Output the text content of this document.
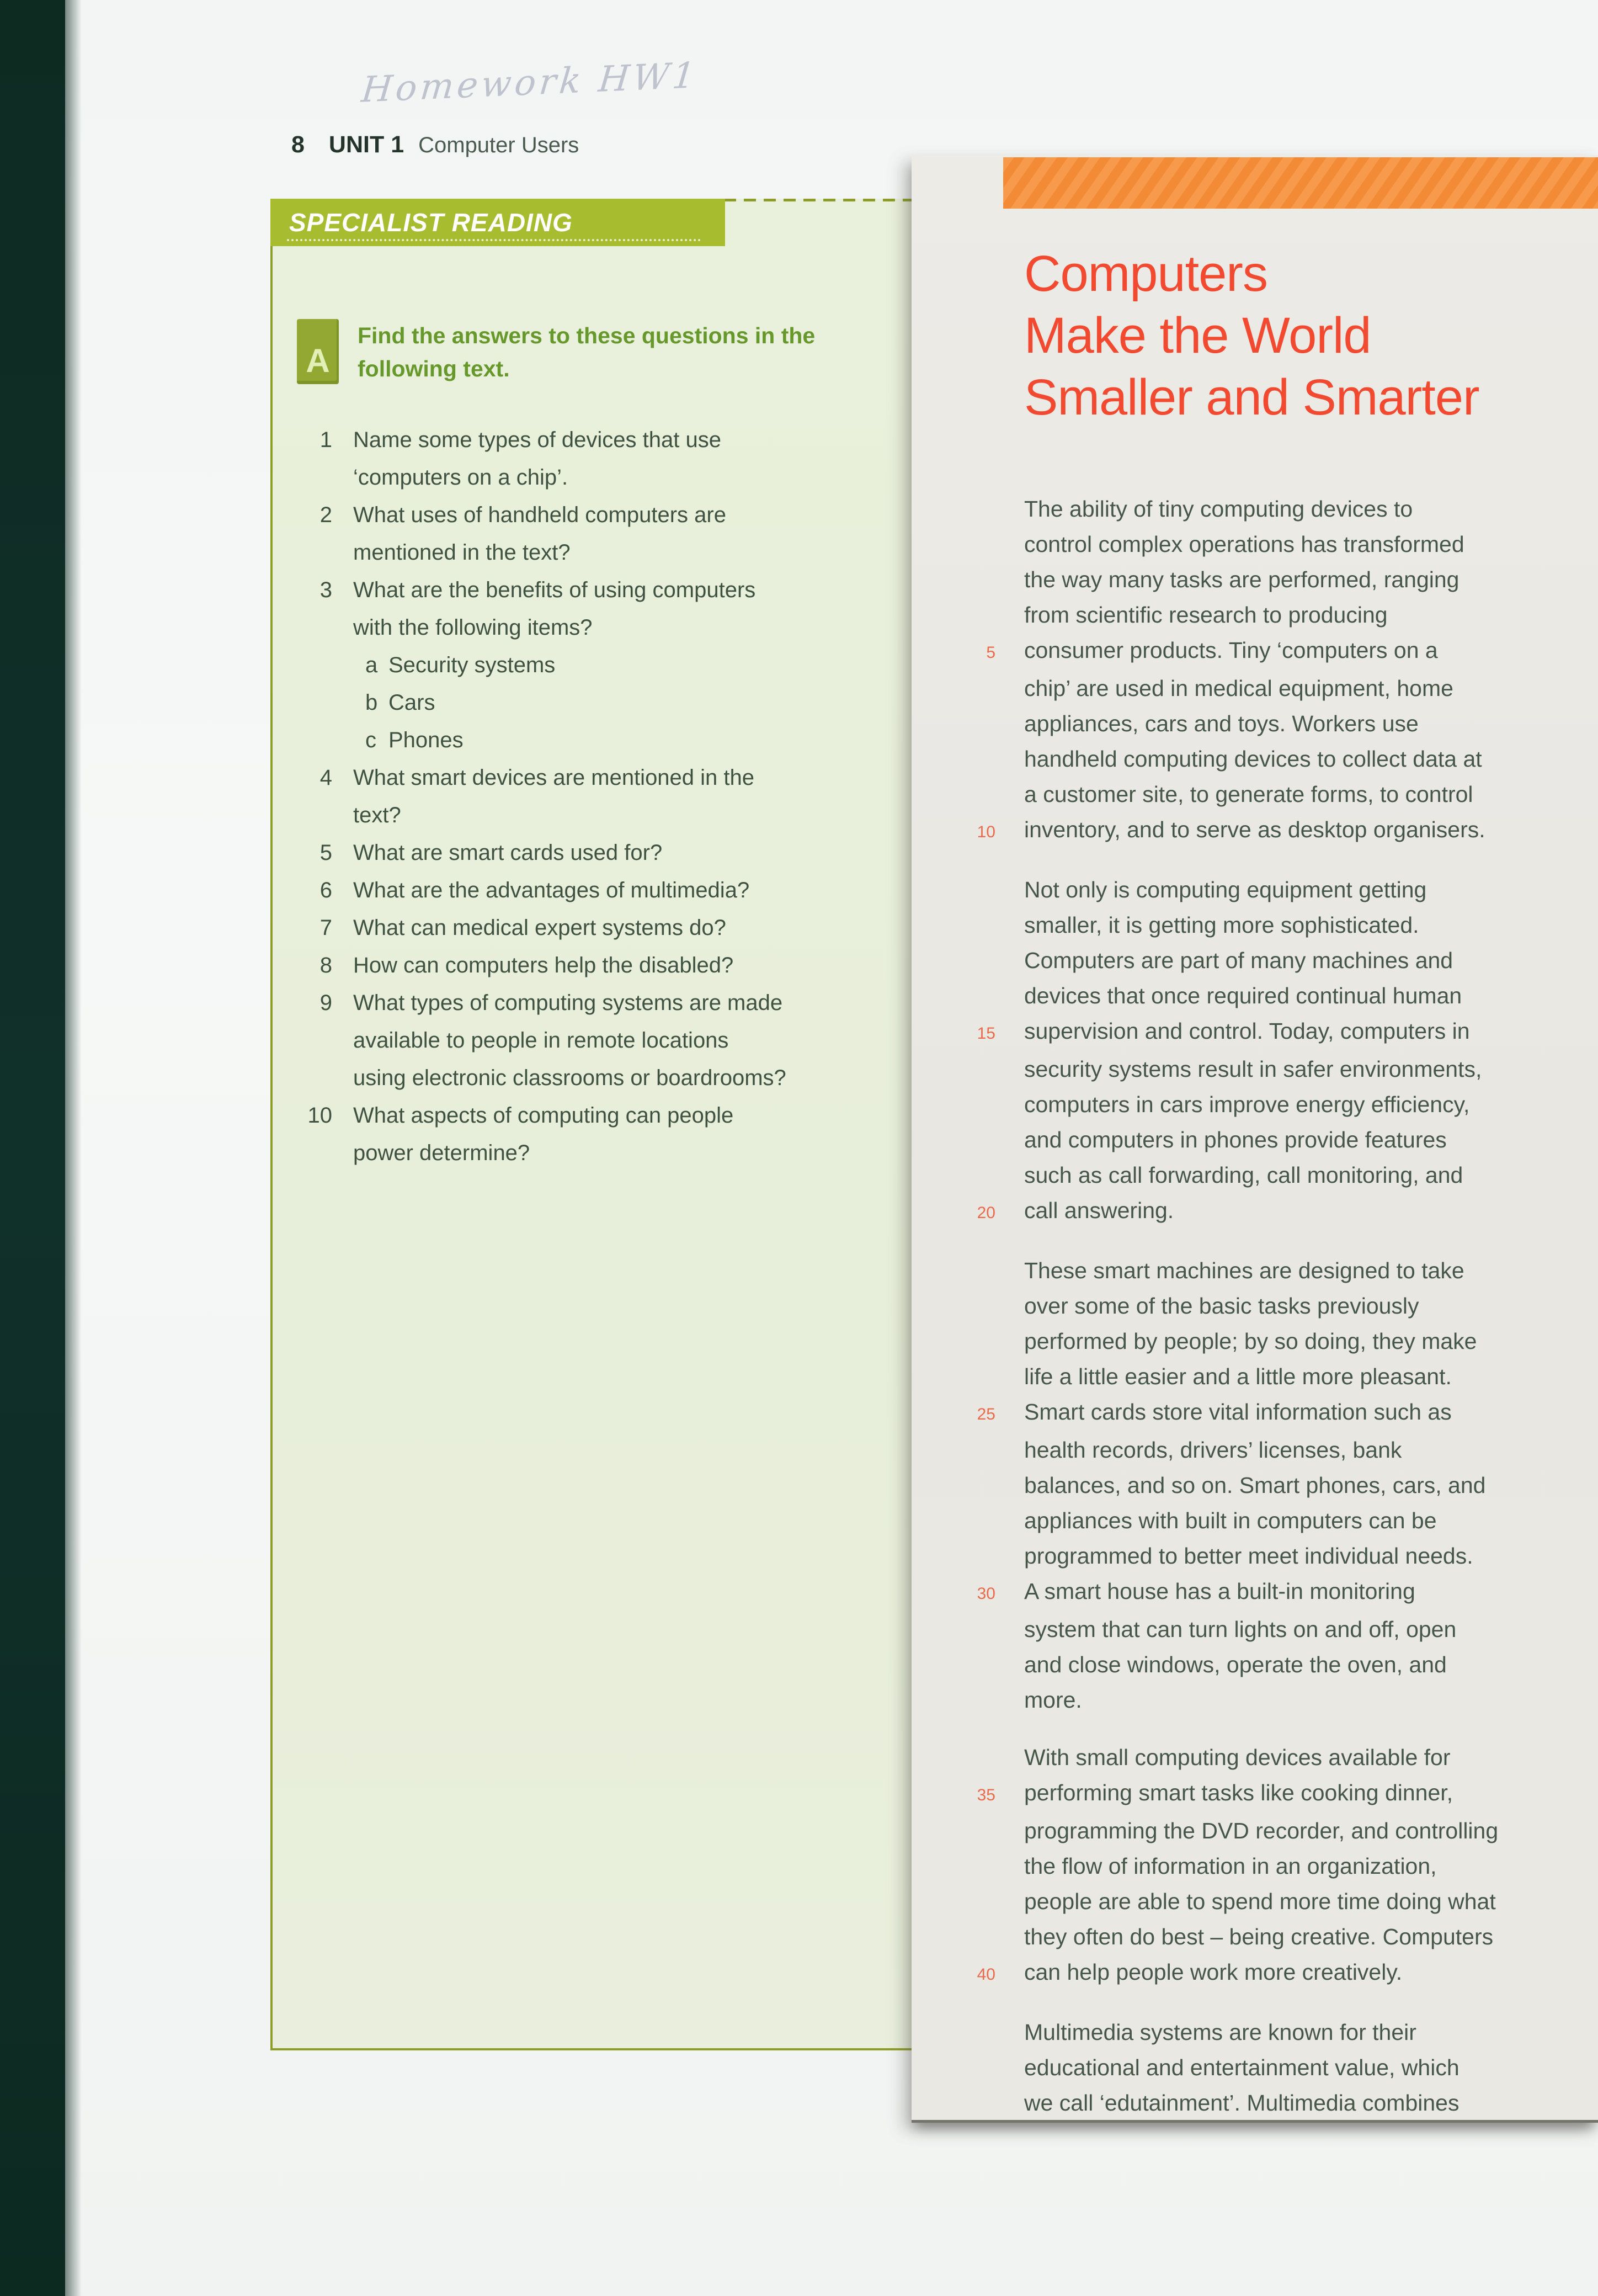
Homework HW1
8 UNIT 1 Computer Users
SPECIALIST READING
A
Find the answers to these questions in the following text.
1 Name some types of devices that use
‘computers on a chip’.
2 What uses of handheld computers are
mentioned in the text?
3 What are the benefits of using computers
with the following items?
a Security systems
b Cars
c Phones
4 What smart devices are mentioned in the
text?
5 What are smart cards used for?
6 What are the advantages of multimedia?
7 What can medical expert systems do?
8 How can computers help the disabled?
9 What types of computing systems are made
available to people in remote locations
using electronic classrooms or boardrooms?
10 What aspects of computing can people
power determine?
Computers
Make the World
Smaller and Smarter
The ability of tiny computing devices to
control complex operations has transformed
the way many tasks are performed, ranging
from scientific research to producing
5 consumer products. Tiny ‘computers on a
chip’ are used in medical equipment, home
appliances, cars and toys. Workers use
handheld computing devices to collect data at
a customer site, to generate forms, to control
10 inventory, and to serve as desktop organisers.
Not only is computing equipment getting
smaller, it is getting more sophisticated.
Computers are part of many machines and
devices that once required continual human
15 supervision and control. Today, computers in
security systems result in safer environments,
computers in cars improve energy efficiency,
and computers in phones provide features
such as call forwarding, call monitoring, and
20 call answering.
These smart machines are designed to take
over some of the basic tasks previously
performed by people; by so doing, they make
life a little easier and a little more pleasant.
25 Smart cards store vital information such as
health records, drivers’ licenses, bank
balances, and so on. Smart phones, cars, and
appliances with built in computers can be
programmed to better meet individual needs.
30 A smart house has a built-in monitoring
system that can turn lights on and off, open
and close windows, operate the oven, and
more.
With small computing devices available for
35 performing smart tasks like cooking dinner,
programming the DVD recorder, and controlling
the flow of information in an organization,
people are able to spend more time doing what
they often do best – being creative. Computers
40 can help people work more creatively.
Multimedia systems are known for their
educational and entertainment value, which
we call ‘edutainment’. Multimedia combines
